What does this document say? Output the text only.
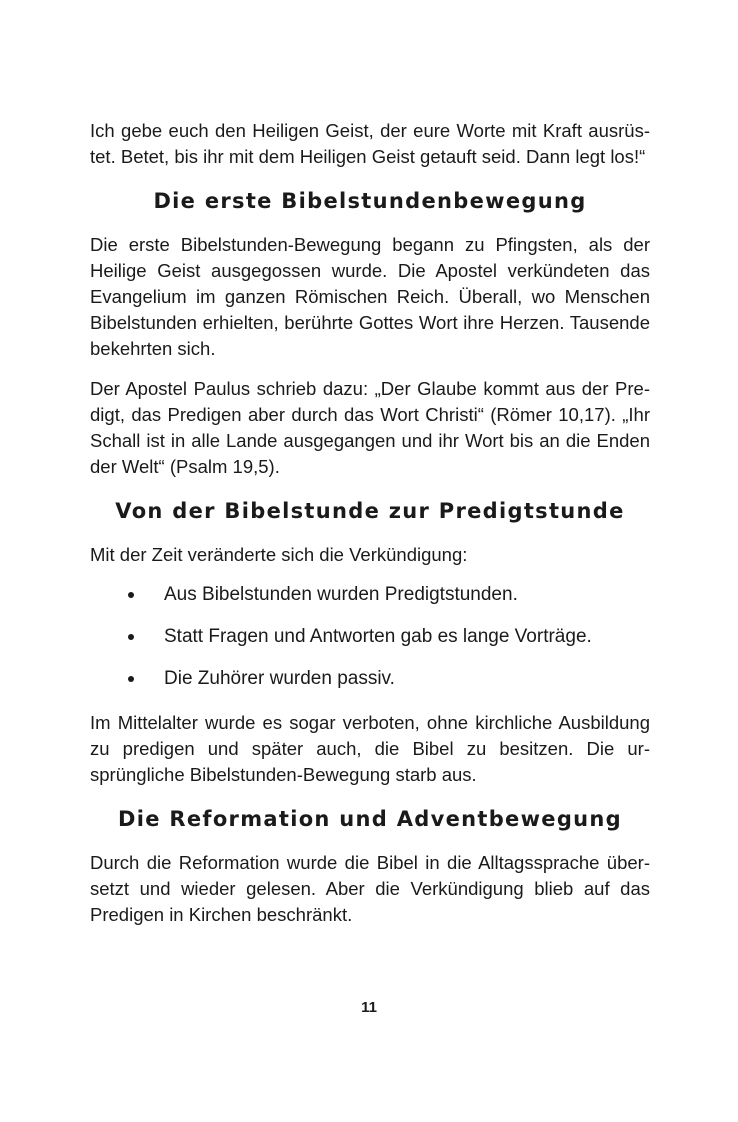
Ich gebe euch den Heiligen Geist, der eure Worte mit Kraft ausrüstet. Betet, bis ihr mit dem Heiligen Geist getauft seid. Dann legt los!“

Die erste Bibelstundenbewegung

Die erste Bibelstunden-Bewegung begann zu Pfingsten, als der Heilige Geist ausgegossen wurde. Die Apostel verkündeten das Evangelium im ganzen Römischen Reich. Überall, wo Menschen Bibelstunden erhielten, berührte Gottes Wort ihre Herzen. Tausende bekehrten sich.

Der Apostel Paulus schrieb dazu: „Der Glaube kommt aus der Predigt, das Predigen aber durch das Wort Christi“ (Römer 10,17). „Ihr Schall ist in alle Lande ausgegangen und ihr Wort bis an die Enden der Welt“ (Psalm 19,5).

Von der Bibelstunde zur Predigtstunde

Mit der Zeit veränderte sich die Verkündigung:

Aus Bibelstunden wurden Predigtstunden.
Statt Fragen und Antworten gab es lange Vorträge.
Die Zuhörer wurden passiv.

Im Mittelalter wurde es sogar verboten, ohne kirchliche Ausbildung zu predigen und später auch, die Bibel zu besitzen. Die ursprüngliche Bibelstunden-Bewegung starb aus.

Die Reformation und Adventbewegung

Durch die Reformation wurde die Bibel in die Alltagssprache übersetzt und wieder gelesen. Aber die Verkündigung blieb auf das Predigen in Kirchen beschränkt.

11
